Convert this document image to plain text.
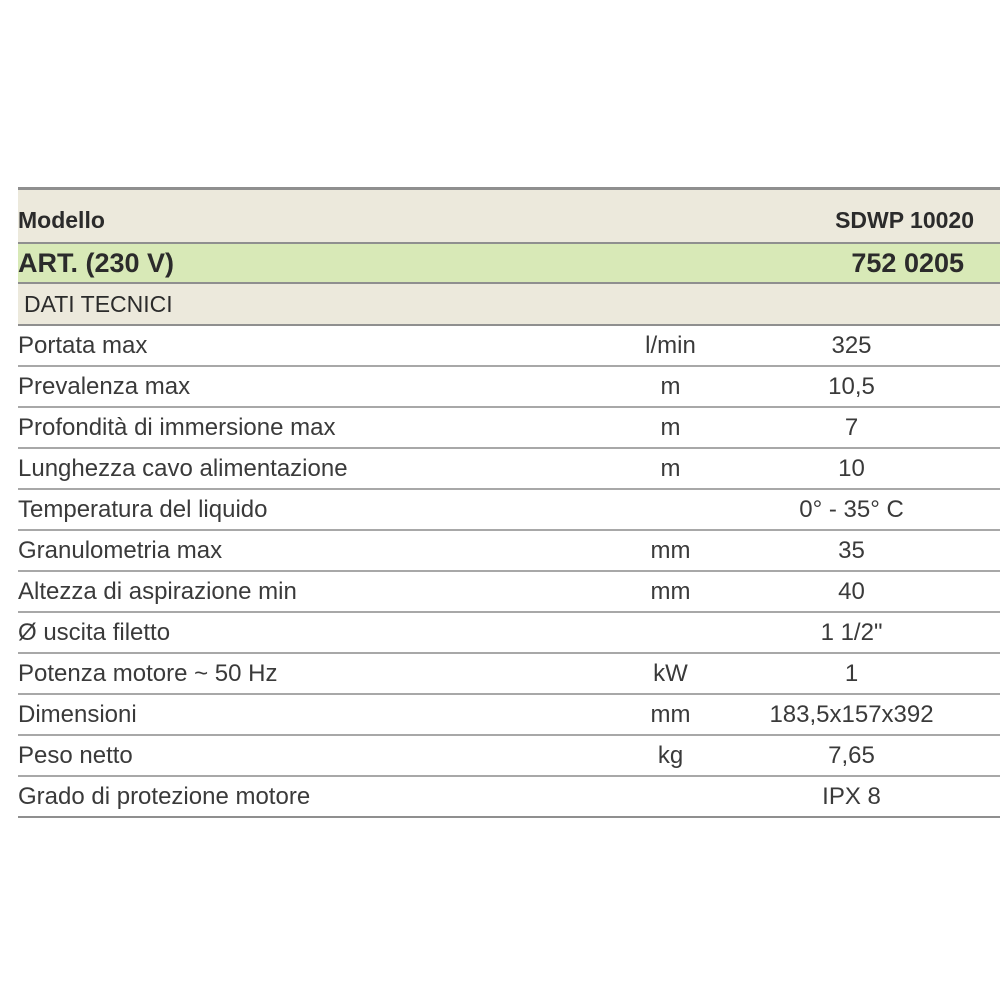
Modello		SDWP 10020
ART. (230 V)		752 0205
DATI TECNICI		
Portata max	l/min	325
Prevalenza max	m	10,5
Profondità di immersione max	m	7
Lunghezza cavo alimentazione	m	10
Temperatura del liquido		0° - 35° C
Granulometria max	mm	35
Altezza di aspirazione min	mm	40
Ø uscita filetto		1 1/2"
Potenza motore ~ 50 Hz	kW	1
Dimensioni	mm	183,5x157x392
Peso netto	kg	7,65
Grado di protezione motore		IPX 8
